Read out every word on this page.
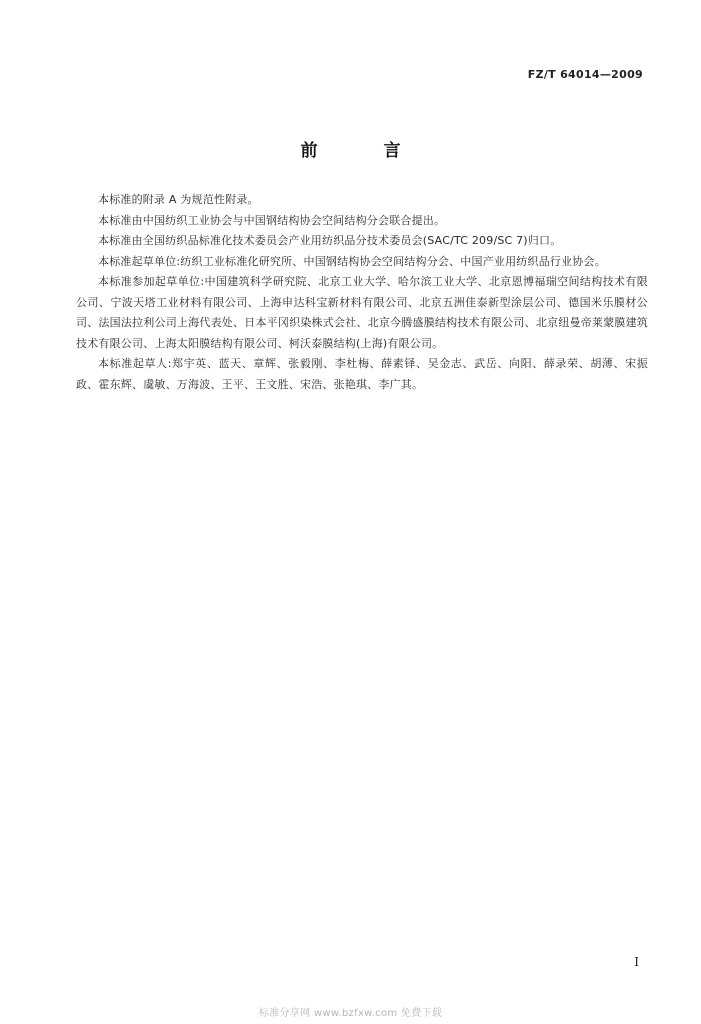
FZ/T 64014—2009
前 言

本标准的附录 A 为规范性附录。

本标准由中国纺织工业协会与中国钢结构协会空间结构分会联合提出。

本标准由全国纺织品标准化技术委员会产业用纺织品分技术委员会(SAC/TC 209/SC 7)归口。

本标准起草单位:纺织工业标准化研究所、中国钢结构协会空间结构分会、中国产业用纺织品行业协会。

本标准参加起草单位:中国建筑科学研究院、北京工业大学、哈尔滨工业大学、北京恩博福瑞空间结构技术有限公司、宁波天塔工业材料有限公司、上海申达科宝新材料有限公司、北京五洲佳泰新型涂层公司、德国米乐膜材公司、法国法拉利公司上海代表处、日本平冈织染株式会社、北京今腾盛膜结构技术有限公司、北京纽曼帝莱蒙膜建筑技术有限公司、上海太阳膜结构有限公司、柯沃泰膜结构(上海)有限公司。

本标准起草人:郑宇英、蓝天、章辉、张毅刚、李杜梅、薛素铎、吴金志、武岳、向阳、薛录荣、胡薄、宋振政、霍东辉、虞敏、万海波、王平、王文胜、宋浩、张艳琪、李广其。

I
标准分享网 www.bzfxw.com 免费下载
